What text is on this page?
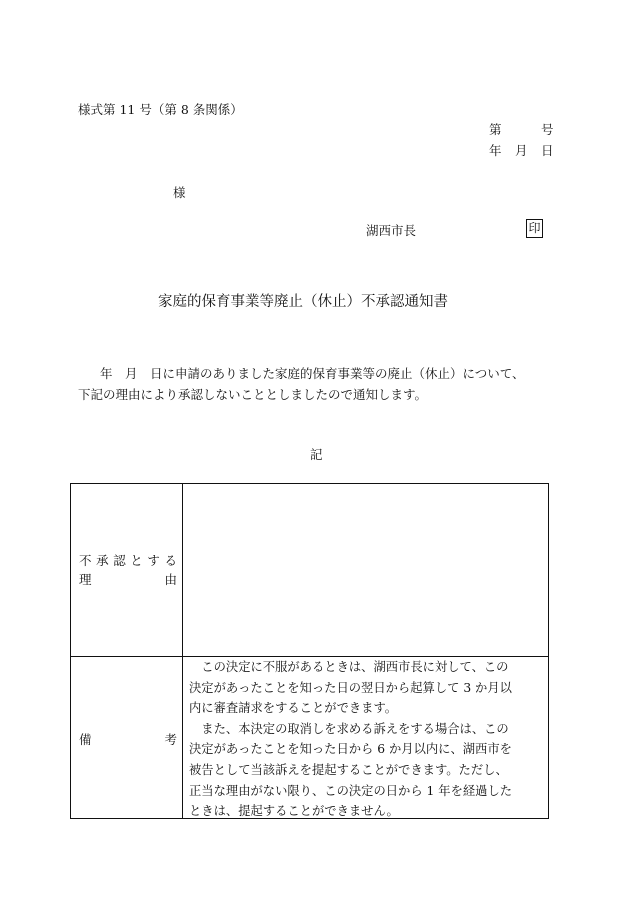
様式第 11 号（第 8 条関係）
第	号
年 月 日
様
湖西市長	印
家庭的保育事業等廃止（休止）不承認通知書
年　月　日に申請のありました家庭的保育事業等の廃止（休止）について、
下記の理由により承認しないこととしましたので通知します。
記
不承認とする
理由
備考

　この決定に不服があるときは、湖西市長に対して、この

決定があったことを知った日の翌日から起算して 3 か月以

内に審査請求をすることができます。

　また、本決定の取消しを求める訴えをする場合は、この

決定があったことを知った日から 6 か月以内に、湖西市を

被告として当該訴えを提起することができます。ただし、

正当な理由がない限り、この決定の日から 1 年を経過した

ときは、提起することができません。
